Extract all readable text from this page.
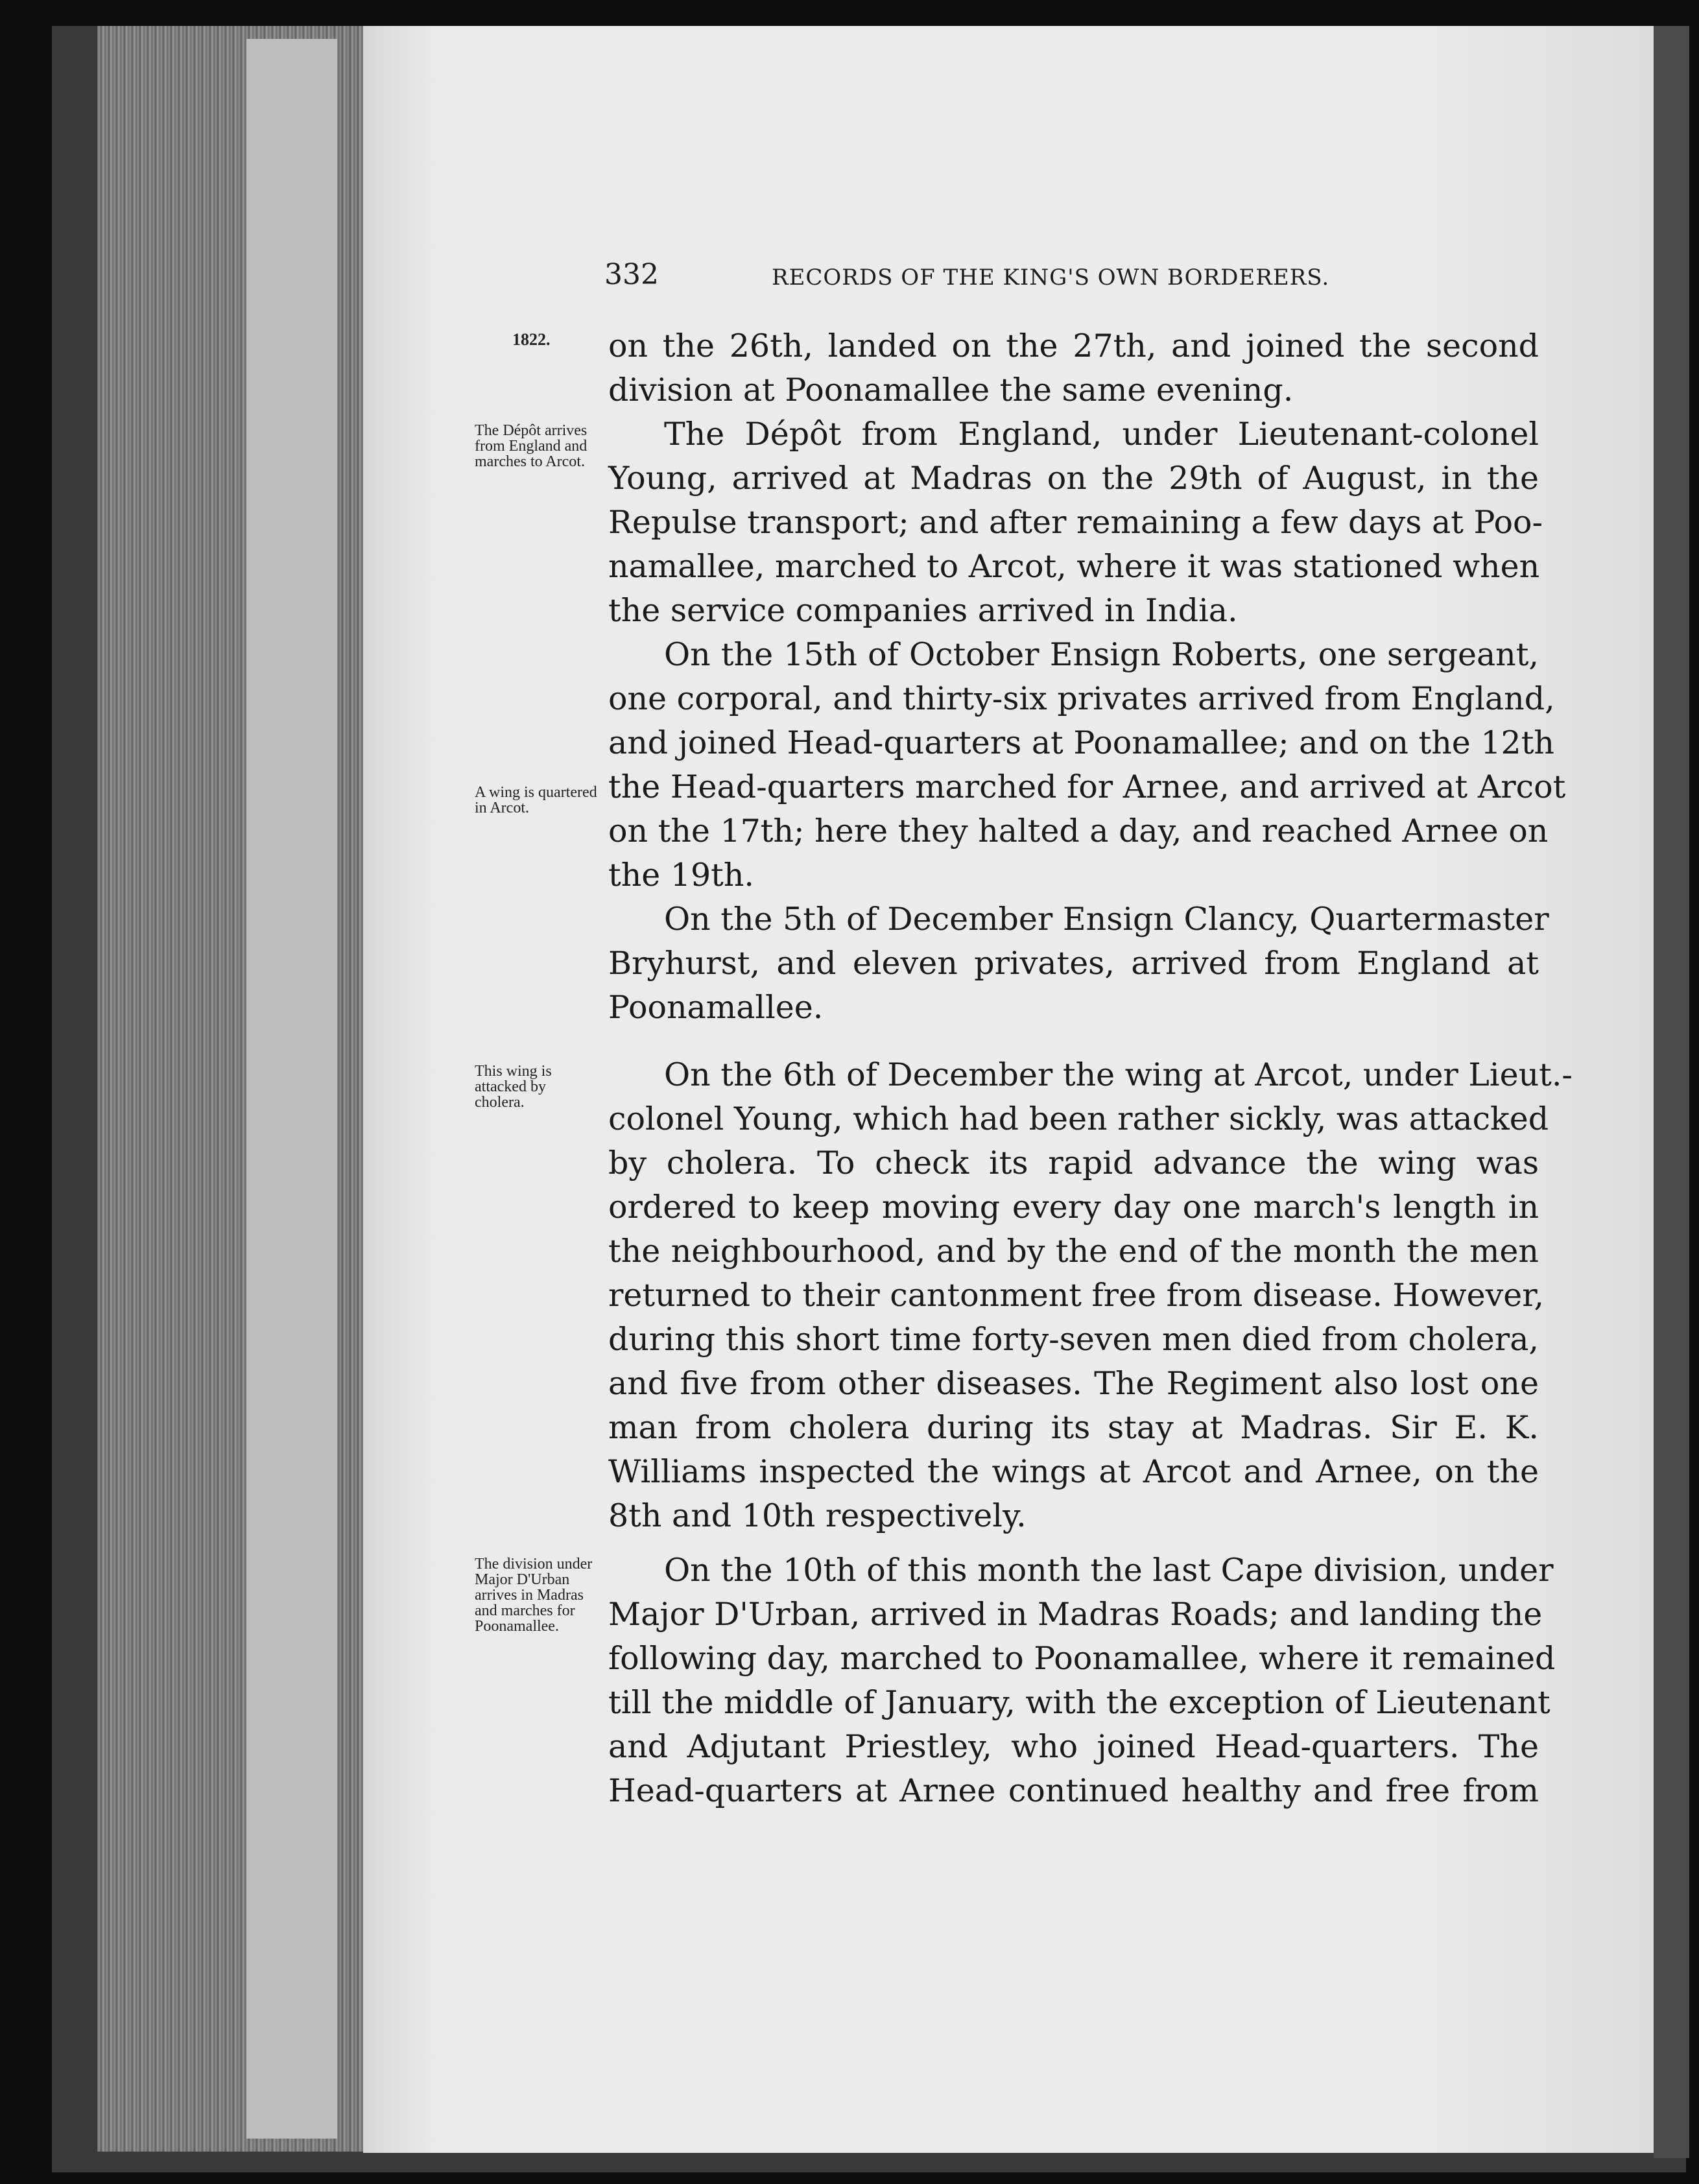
332	RECORDS OF THE KING'S OWN BORDERERS.
1822.
The Dépôt arrives from England and marches to Arcot.
A wing is quartered in Arcot.
This wing is attacked by cholera.
The division under Major D'Urban arrives in Madras and marches for Poonamallee.
on the 26th, landed on the 27th, and joined the second
division at Poonamallee the same evening.
The Dépôt from England, under Lieutenant-colonel
Young, arrived at Madras on the 29th of August, in the
Repulse transport; and after remaining a few days at Poo-
namallee, marched to Arcot, where it was stationed when
the service companies arrived in India.
On the 15th of October Ensign Roberts, one sergeant,
one corporal, and thirty-six privates arrived from England,
and joined Head-quarters at Poonamallee; and on the 12th
the Head-quarters marched for Arnee, and arrived at Arcot
on the 17th; here they halted a day, and reached Arnee on
the 19th.
On the 5th of December Ensign Clancy, Quartermaster
Bryhurst, and eleven privates, arrived from England at
Poonamallee.
On the 6th of December the wing at Arcot, under Lieut.-
colonel Young, which had been rather sickly, was attacked
by cholera. To check its rapid advance the wing was
ordered to keep moving every day one march's length in
the neighbourhood, and by the end of the month the men
returned to their cantonment free from disease. However,
during this short time forty-seven men died from cholera,
and five from other diseases. The Regiment also lost one
man from cholera during its stay at Madras. Sir E. K.
Williams inspected the wings at Arcot and Arnee, on the
8th and 10th respectively.
On the 10th of this month the last Cape division, under
Major D'Urban, arrived in Madras Roads; and landing the
following day, marched to Poonamallee, where it remained
till the middle of January, with the exception of Lieutenant
and Adjutant Priestley, who joined Head-quarters. The
Head-quarters at Arnee continued healthy and free from
